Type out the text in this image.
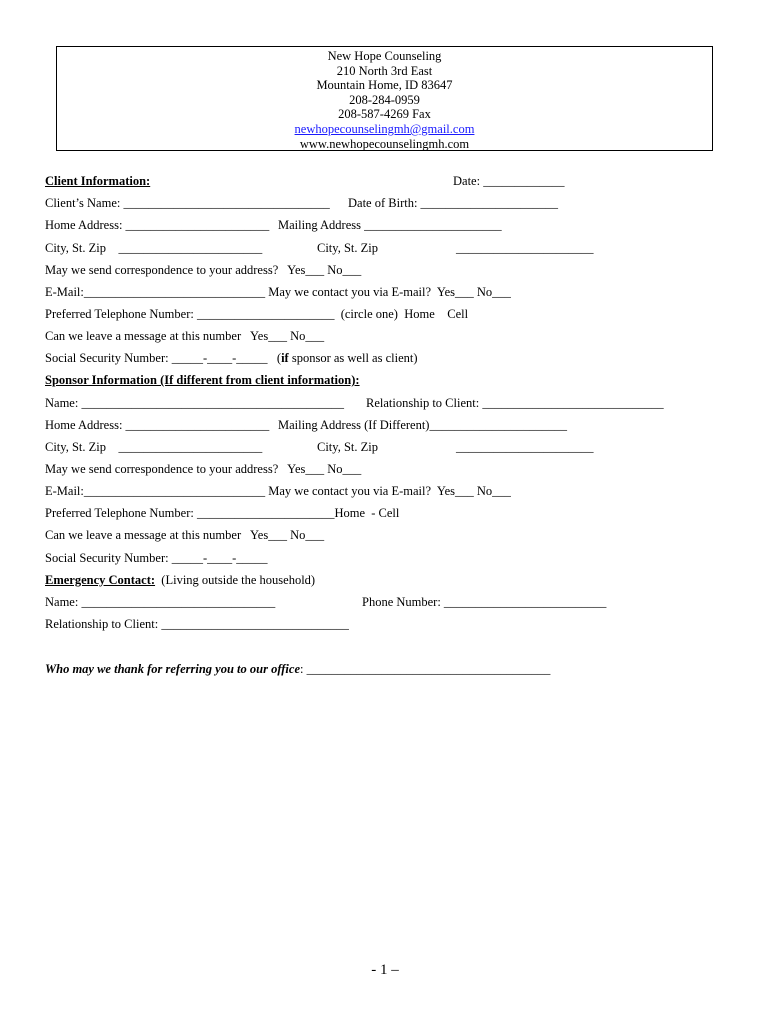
New Hope Counseling
210 North 3rd East
Mountain Home, ID 83647
208-284-0959
208-587-4269 Fax
newhopecounselingmh@gmail.com
www.newhopecounselingmh.com
Client Information:	Date: _____________
Client’s Name: _________________________________ Date of Birth: ______________________
Home Address: _______________________ Mailing Address ______________________
City, St. Zip    _______________________	City, St. Zip	______________________
May we send correspondence to your address?   Yes___ No___
E-Mail:_____________________________ May we contact you via E-mail?  Yes___ No___
Preferred Telephone Number: ______________________  (circle one)  Home    Cell
Can we leave a message at this number   Yes___ No___
Social Security Number: _____-____-_____   (if sponsor as well as client)
Sponsor Information (If different from client information):
Name: __________________________________________ Relationship to Client: _____________________________
Home Address: _______________________ Mailing Address (If Different)______________________
City, St. Zip    _______________________	City, St. Zip	______________________
May we send correspondence to your address?   Yes___ No___
E-Mail:_____________________________ May we contact you via E-mail?  Yes___ No___
Preferred Telephone Number: ______________________Home  - Cell
Can we leave a message at this number   Yes___ No___
Social Security Number: _____-____-_____
Emergency Contact:  (Living outside the household)
Name: _______________________________	Phone Number: __________________________
Relationship to Client: ______________________________
Who may we thank for referring you to our office: _______________________________________
- 1 –
